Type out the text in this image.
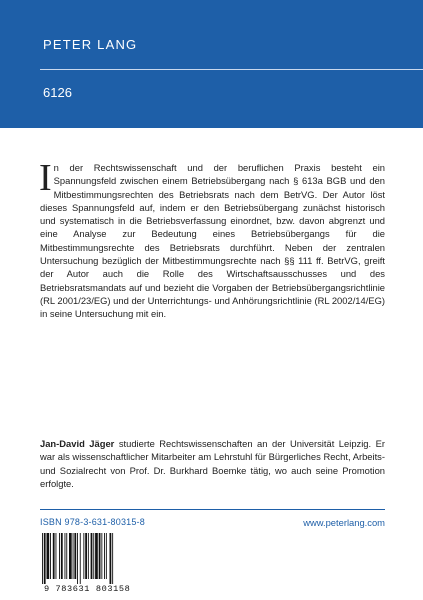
PETER LANG
6126
I n der Rechtswissenschaft und der beruflichen Praxis besteht ein Spannungsfeld zwischen einem Betriebsübergang nach § 613a BGB und den Mitbestimmungsrechten des Betriebsrats nach dem BetrVG. Der Autor löst dieses Spannungsfeld auf, indem er den Betriebsübergang zunächst historisch und systematisch in die Betriebsverfassung einordnet, bzw. davon abgrenzt und eine Analyse zur Bedeutung eines Betriebsübergangs für die Mitbestimmungsrechte des Betriebsrats durchführt. Neben der zentralen Untersuchung bezüglich der Mitbestimmungsrechte nach §§ 111 ff. BetrVG, greift der Autor auch die Rolle des Wirtschaftsausschusses und des Betriebsratsmandats auf und bezieht die Vorgaben der Betriebsübergangsrichtlinie (RL 2001/23/EG) und der Unterrichtungs- und Anhörungsrichtlinie (RL 2002/14/EG) in seine Untersuchung mit ein.
Jan-David Jäger studierte Rechtswissenschaften an der Universität Leipzig. Er war als wissenschaftlicher Mitarbeiter am Lehrstuhl für Bürgerliches Recht, Arbeits- und Sozialrecht von Prof. Dr. Burkhard Boemke tätig, wo auch seine Promotion erfolgte.
ISBN 978-3-631-80315-8	www.peterlang.com
9 783631 803158
